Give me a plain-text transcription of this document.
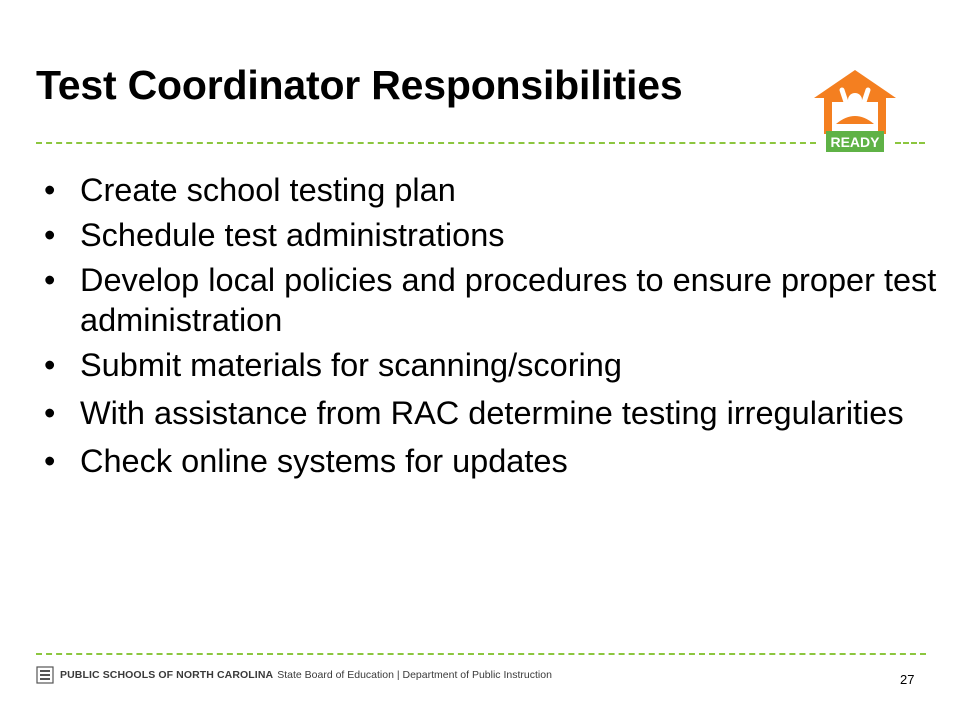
Test Coordinator Responsibilities
READY
• Create school testing plan
• Schedule test administrations
• Develop local policies and procedures to ensure proper test administration
• Submit materials for scanning/scoring
• With assistance from RAC determine testing irregularities
• Check online systems for updates
PUBLIC SCHOOLS OF NORTH CAROLINA State Board of Education | Department of Public Instruction	27
